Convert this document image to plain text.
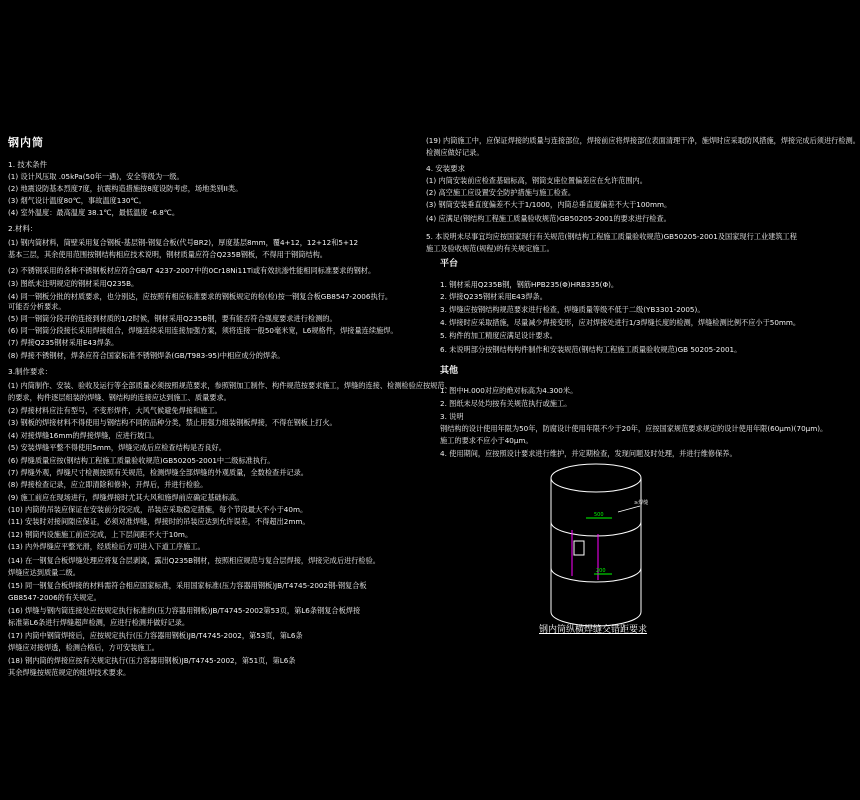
钢内筒
1. 技术条件
(1) 设计风压取 .05kPa(50年一遇)，安全等级为一级。
(2) 地震设防基本烈度7度，抗震构造措施按8度设防考虑，场地类别II类。
(3) 烟气设计温度80℃，事故温度130℃。
(4) 室外温度：最高温度 38.1℃，最低温度 -6.8℃。
2.材料：
(1) 钢内筒材料，筒壁采用复合钢板-基层钢-钢复合板(代号BR2)，厚度基层8mm，覆4+12，12+12和5+12
基本三层，其余使用范围按钢结构相应技术说明，钢材质量应符合Q235B钢板，不得用于钢筒结构。
(2) 不锈钢采用的各种不锈钢板材应符合GB/T 4237-2007中的0Cr18Ni11Ti或有效抗渗性能相同标准要求的钢材。
(3) 图纸未注明规定的钢材采用Q235B。
(4) 同一钢板分批的材质要求，也分别达，应按照有相应标准要求的钢板规定的检(检)按一钢复合板GB8547-2006执行。
可能否分析要求。
(5) 同一钢筒分段开的连接到材质的1/2时候，钢材采用Q235B钢，要有能否符合强度要求进行检测的。
(6) 同一钢筒分段接长采用焊接组合，焊缝连续采用连接加强方案，须将连接一般50毫米宽，L6规格件，焊接量连续施焊。
(7) 焊接Q235钢材采用E43焊条。
(8) 焊接不锈钢材，焊条应符合国家标准不锈钢焊条(GB/T983-95)中相应成分的焊条。
3.制作要求：
(1) 内筒制作、安装、验收及运行等全部质量必须按照规范要求，参照钢加工制作、构件规范按要求施工，焊缝的连接、检测检验应按规范、
的要求，构件逐层组装的焊缝、钢结构的连接应达到施工、质量要求。
(2) 焊接材料应注有型号，不变形焊件，大风气候避免焊接和施工。
(3) 钢板的焊接材料不得使用与钢结构不同的品种分类，禁止用强力组装钢板焊接，不得在钢板上打火。
(4) 对接焊缝16mm的焊接焊缝，应进行坡口。
(5) 安装焊缝平整不得使用5mm，焊缝完成后应检查结构是否良好。
(6) 焊缝质量应按(钢结构工程施工质量验收规范)GB50205-2001中二级标准执行。
(7) 焊缝外观，焊缝尺寸检测按照有关规范，检测焊缝全部焊缝的外观质量，全数检查并记录。
(8) 焊接检查记录，应立即清除和修补，开焊后，并进行检验。
(9) 施工前应在现场进行，焊缝焊接时尤其大风和施焊前应确定基础标高。
(10) 内筒的吊装应保证在安装前分段完成，吊装应采取稳定措施，每个节段最大不小于40m。
(11) 安装时对接间隙应保证，必须对准焊缝，焊接时的吊装应达到允许误差，不得超出2mm。
(12) 钢筒内设施施工前应完成，上下层间距不大于10m。
(13) 内外焊缝应平整光滑，经质检后方可进入下道工序施工。
(14) 在一钢复合板焊缝处理应将复合层剥离，露出Q235B钢材，按照相应规范与复合层焊接，焊接完成后进行检验。
焊缝应达到质量二级。
(15) 同一钢复合板焊接的材料需符合相应国家标准，采用国家标准(压力容器用钢板)JB/T4745-2002钢-钢复合板
GB8547-2006的有关规定。
(16) 焊缝与钢内筒连接处应按规定执行标准的(压力容器用钢板)JB/T4745-2002第53页，第L6条钢复合板焊接
标准第L6条进行焊缝超声检测，应进行检测并做好记录。
(17) 内筒中钢筒焊接后，应按规定执行(压力容器用钢板)JB/T4745-2002，第53页，第L6条
焊缝应对接焊透，检测合格后，方可安装施工。
(18) 钢内筒的焊接应按有关规定执行(压力容器用钢板)JB/T4745-2002，第51页，第L6条
其余焊缝按规范规定的组焊技术要求。
(19) 内筒施工中，应保证焊接的质量与连接部位，焊接前应将焊接部位表面清理干净，施焊时应采取防风措施，焊接完成后须进行检测。
检测应做好记录。
4. 安装要求
(1) 内筒安装前应检查基础标高，钢筒支座位置偏差应在允许范围内。
(2) 高空施工应设置安全防护措施与施工检查。
(3) 钢筒安装垂直度偏差不大于1/1000，内筒总垂直度偏差不大于100mm。
(4) 应满足(钢结构工程施工质量验收规范)GB50205-2001的要求进行检查。
5. 本说明未尽事宜均应按国家现行有关规范(钢结构工程施工质量验收规范)GB50205-2001及国家现行工业建筑工程
施工及验收规范(规程)的有关规定施工。
平台
1. 钢材采用Q235B钢，钢筋HPB235(Φ)HRB335(Φ)。
2. 焊接Q235钢材采用E43焊条。
3. 焊缝应按钢结构规范要求进行检查，焊缝质量等级不低于二级(YB3301-2005)。
4. 焊接时应采取措施，尽量减少焊接变形，应对焊接处进行1/3焊缝长度的检测，焊缝检测比例不应小于50mm。
5. 构件的加工精度应满足设计要求。
6. 未说明部分按钢结构构件制作和安装规范(钢结构工程施工质量验收规范)GB 50205-2001。
其他
1. 图中H.000对应的绝对标高为4.300米。
2. 图纸未尽处均按有关规范执行或施工。
3. 说明
钢结构的设计使用年限为50年，防腐设计使用年限不少于20年，应按国家规范要求规定的设计使用年限(60μm)(70μm)。
施工的要求不应小于40μm。
4. 使用期间，应按照设计要求进行维护，并定期检查，发现问题及时处理，并进行维修保养。
500
200
≥焊缝
钢内筒纵横焊缝交错距要求
